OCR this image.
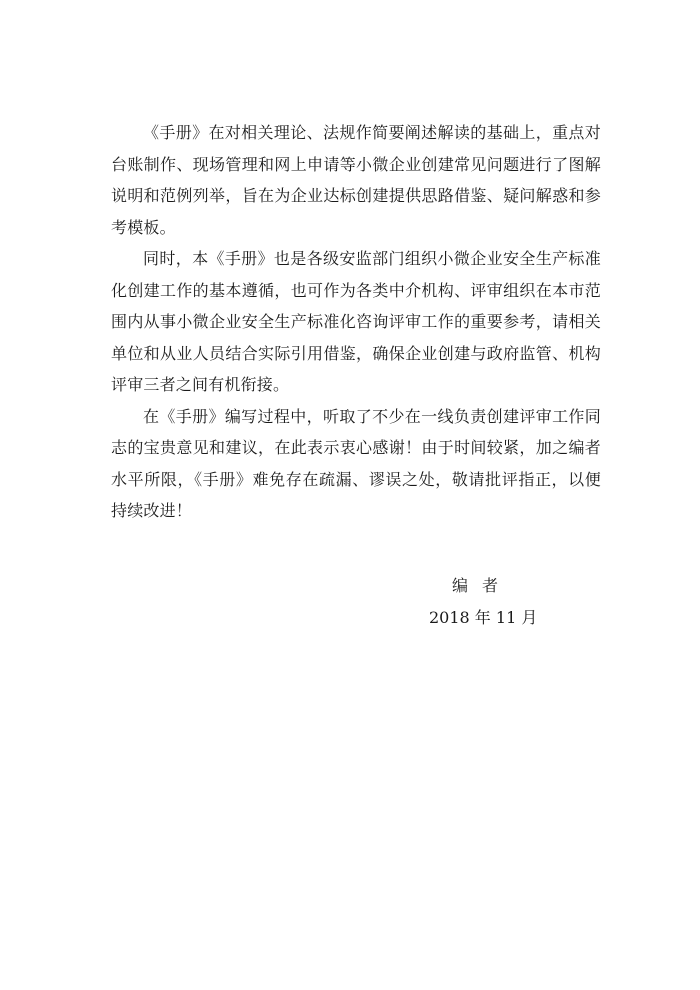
《手册》在对相关理论、法规作简要阐述解读的基础上，重点对台账制作、现场管理和网上申请等小微企业创建常见问题进行了图解说明和范例列举，旨在为企业达标创建提供思路借鉴、疑问解惑和参考模板。

同时，本《手册》也是各级安监部门组织小微企业安全生产标准化创建工作的基本遵循，也可作为各类中介机构、评审组织在本市范围内从事小微企业安全生产标准化咨询评审工作的重要参考，请相关单位和从业人员结合实际引用借鉴，确保企业创建与政府监管、机构评审三者之间有机衔接。

在《手册》编写过程中，听取了不少在一线负责创建评审工作同志的宝贵意见和建议，在此表示衷心感谢！由于时间较紧，加之编者水平所限，《手册》难免存在疏漏、谬误之处，敬请批评指正，以便持续改进！

编者
2018 年 11 月
